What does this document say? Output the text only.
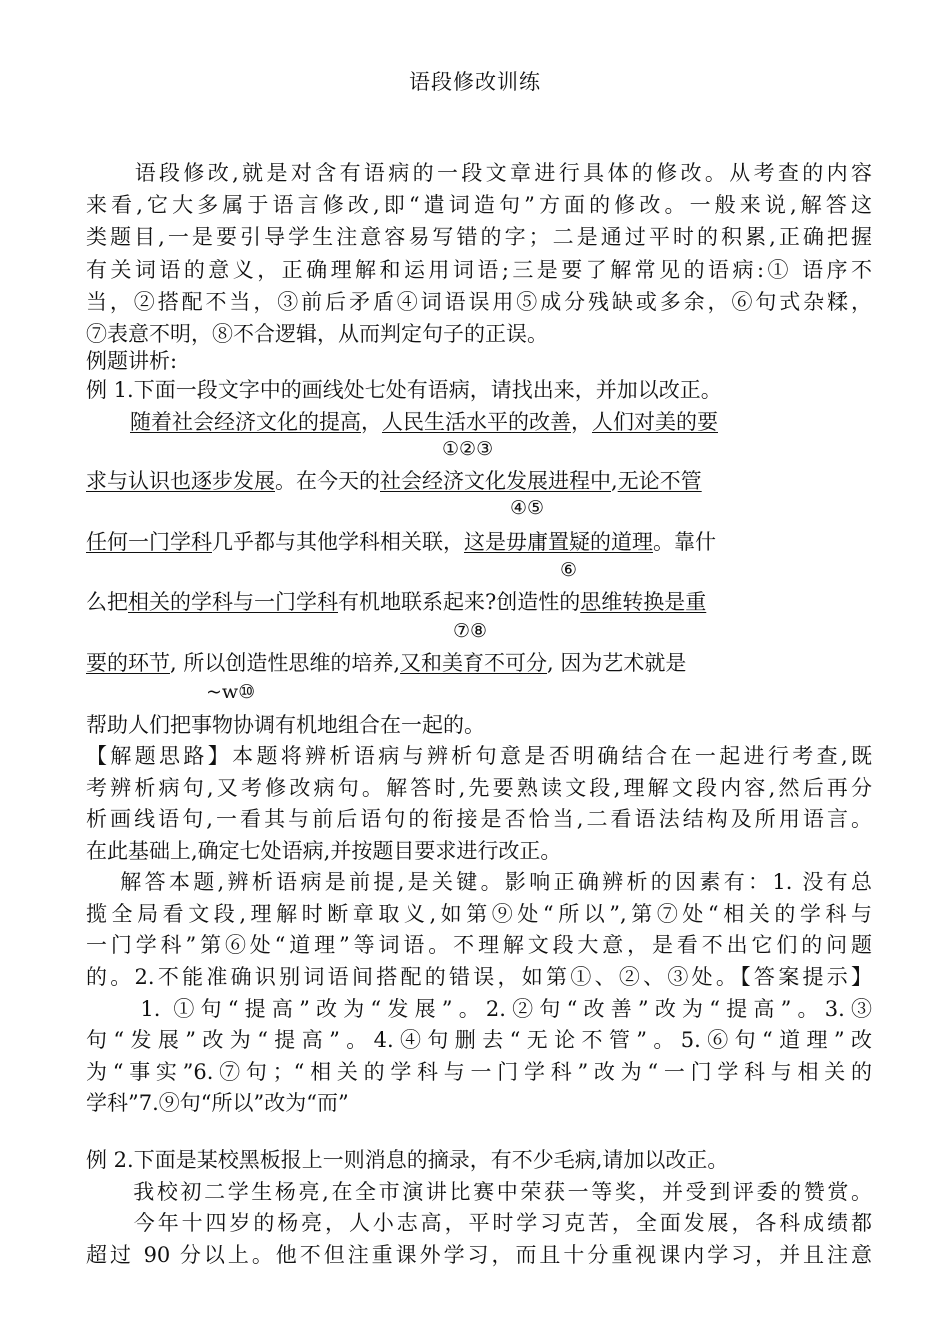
语段修改训练
　　语段修改,就是对含有语病的一段文章进行具体的修改。从考查的内容
来看,它大多属于语言修改,即“遣词造句”方面的修改。一般来说,解答这
类题目,一是要引导学生注意容易写错的字；二是通过平时的积累,正确把握
有关词语的意义，正确理解和运用词语;三是要了解常见的语病:① 语序不
当，②搭配不当，③前后矛盾④词语误用⑤成分残缺或多余，⑥句式杂糅，
⑦表意不明，⑧不合逻辑，从而判定句子的正误。
例题讲析:
例 1.下面一段文字中的画线处七处有语病，请找出来，并加以改正。
随着社会经济文化的提高，人民生活水平的改善，人们对美的要
①②③
求与认识也逐步发展。在今天的社会经济文化发展进程中,无论不管
④⑤
任何一门学科几乎都与其他学科相关联，这是毋庸置疑的道理。靠什
⑥
么把相关的学科与一门学科有机地联系起来?创造性的思维转换是重
⑦⑧
要的环节, 所以创造性思维的培养,又和美育不可分, 因为艺术就是
~w⑩
帮助人们把事物协调有机地组合在一起的。
【解题思路】本题将辨析语病与辨析句意是否明确结合在一起进行考查,既
考辨析病句,又考修改病句。解答时,先要熟读文段,理解文段内容,然后再分
析画线语句,一看其与前后语句的衔接是否恰当,二看语法结构及所用语言。
在此基础上,确定七处语病,并按题目要求进行改正。
　 解答本题,辨析语病是前提,是关键。影响正确辨析的因素有：1. 没有总
揽全局看文段,理解时断章取义,如第⑨处“所以”,第⑦处“相关的学科与
一门学科”第⑥处“道理”等词语。不理解文段大意，是看不出它们的问题
的。2.不能准确识别词语间搭配的错误，如第①、②、③处。【答案提示】
　　1. ①句“提高”改为“发展”。2.②句“改善”改为“提高”。3.③
句“发展”改为“提高”。4.④句删去“无论不管”。5.⑥句“道理”改
为“事实”6.⑦句；“相关的学科与一门学科”改为“一门学科与相关的
学科”7.⑨句“所以”改为“而”
例 2.下面是某校黑板报上一则消息的摘录，有不少毛病,请加以改正。
　　我校初二学生杨亮,在全市演讲比赛中荣获一等奖，并受到评委的赞赏。
　　今年十四岁的杨亮，人小志高，平时学习克苦，全面发展，各科成绩都
超过 90 分以上。他不但注重课外学习，而且十分重视课内学习，并且注意
